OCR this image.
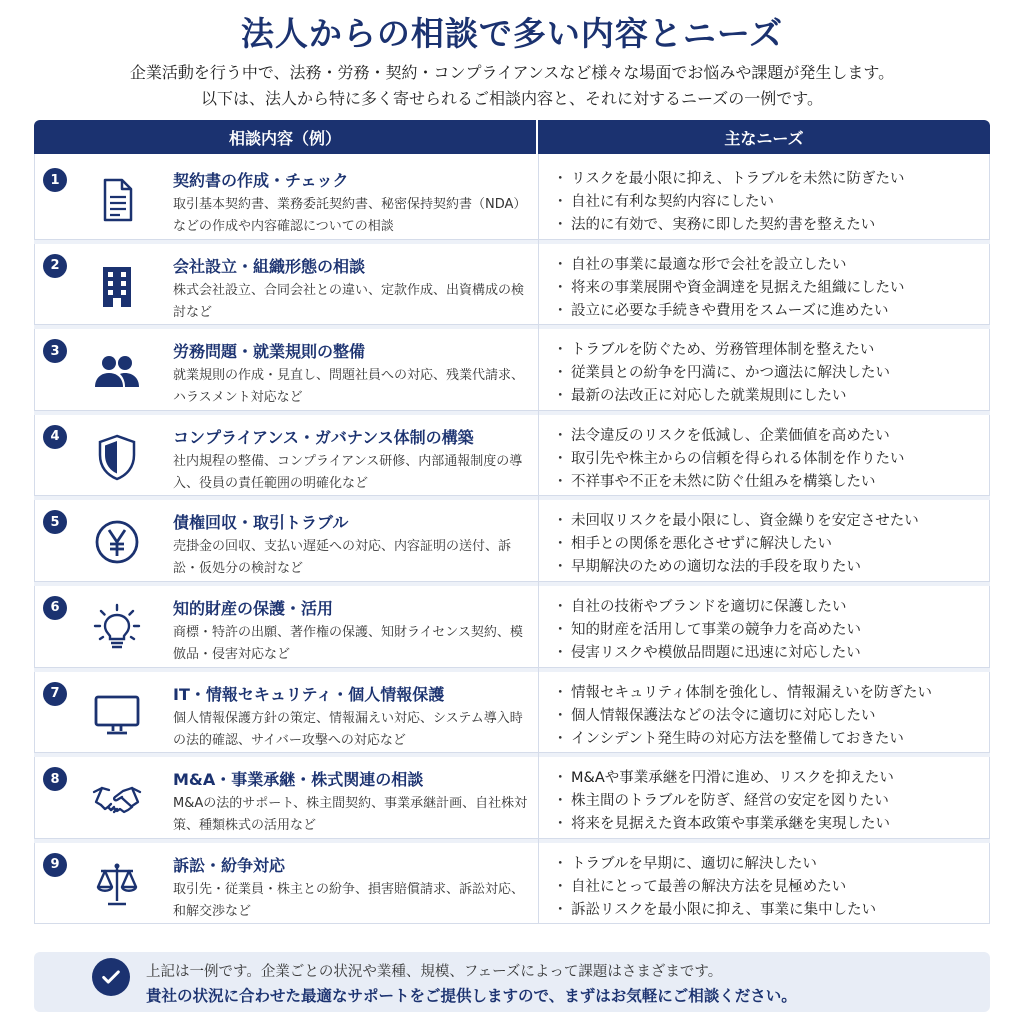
法人からの相談で多い内容とニーズ
企業活動を行う中で、法務・労務・契約・コンプライアンスなど様々な場面でお悩みや課題が発生します。
以下は、法人から特に多く寄せられるご相談内容と、それに対するニーズの一例です。
相談内容（例）	主なニーズ
1	契約書の作成・チェック
取引基本契約書、業務委託契約書、秘密保持契約書（NDA）などの作成や内容確認についての相談
・ リスクを最小限に抑え、トラブルを未然に防ぎたい
・ 自社に有利な契約内容にしたい
・ 法的に有効で、実務に即した契約書を整えたい
2	会社設立・組織形態の相談
株式会社設立、合同会社との違い、定款作成、出資構成の検討など
・ 自社の事業に最適な形で会社を設立したい
・ 将来の事業展開や資金調達を見据えた組織にしたい
・ 設立に必要な手続きや費用をスムーズに進めたい
3	労務問題・就業規則の整備
就業規則の作成・見直し、問題社員への対応、残業代請求、ハラスメント対応など
・ トラブルを防ぐため、労務管理体制を整えたい
・ 従業員との紛争を円満に、かつ適法に解決したい
・ 最新の法改正に対応した就業規則にしたい
4	コンプライアンス・ガバナンス体制の構築
社内規程の整備、コンプライアンス研修、内部通報制度の導入、役員の責任範囲の明確化など
・ 法令違反のリスクを低減し、企業価値を高めたい
・ 取引先や株主からの信頼を得られる体制を作りたい
・ 不祥事や不正を未然に防ぐ仕組みを構築したい
5	債権回収・取引トラブル
売掛金の回収、支払い遅延への対応、内容証明の送付、訴訟・仮処分の検討など
・ 未回収リスクを最小限にし、資金繰りを安定させたい
・ 相手との関係を悪化させずに解決したい
・ 早期解決のための適切な法的手段を取りたい
6	知的財産の保護・活用
商標・特許の出願、著作権の保護、知財ライセンス契約、模倣品・侵害対応など
・ 自社の技術やブランドを適切に保護したい
・ 知的財産を活用して事業の競争力を高めたい
・ 侵害リスクや模倣品問題に迅速に対応したい
7	IT・情報セキュリティ・個人情報保護
個人情報保護方針の策定、情報漏えい対応、システム導入時の法的確認、サイバー攻撃への対応など
・ 情報セキュリティ体制を強化し、情報漏えいを防ぎたい
・ 個人情報保護法などの法令に適切に対応したい
・ インシデント発生時の対応方法を整備しておきたい
8	M&A・事業承継・株式関連の相談
M&Aの法的サポート、株主間契約、事業承継計画、自社株対策、種類株式の活用など
・ M&Aや事業承継を円滑に進め、リスクを抑えたい
・ 株主間のトラブルを防ぎ、経営の安定を図りたい
・ 将来を見据えた資本政策や事業承継を実現したい
9	訴訟・紛争対応
取引先・従業員・株主との紛争、損害賠償請求、訴訟対応、和解交渉など
・ トラブルを早期に、適切に解決したい
・ 自社にとって最善の解決方法を見極めたい
・ 訴訟リスクを最小限に抑え、事業に集中したい
上記は一例です。企業ごとの状況や業種、規模、フェーズによって課題はさまざまです。
貴社の状況に合わせた最適なサポートをご提供しますので、まずはお気軽にご相談ください。
